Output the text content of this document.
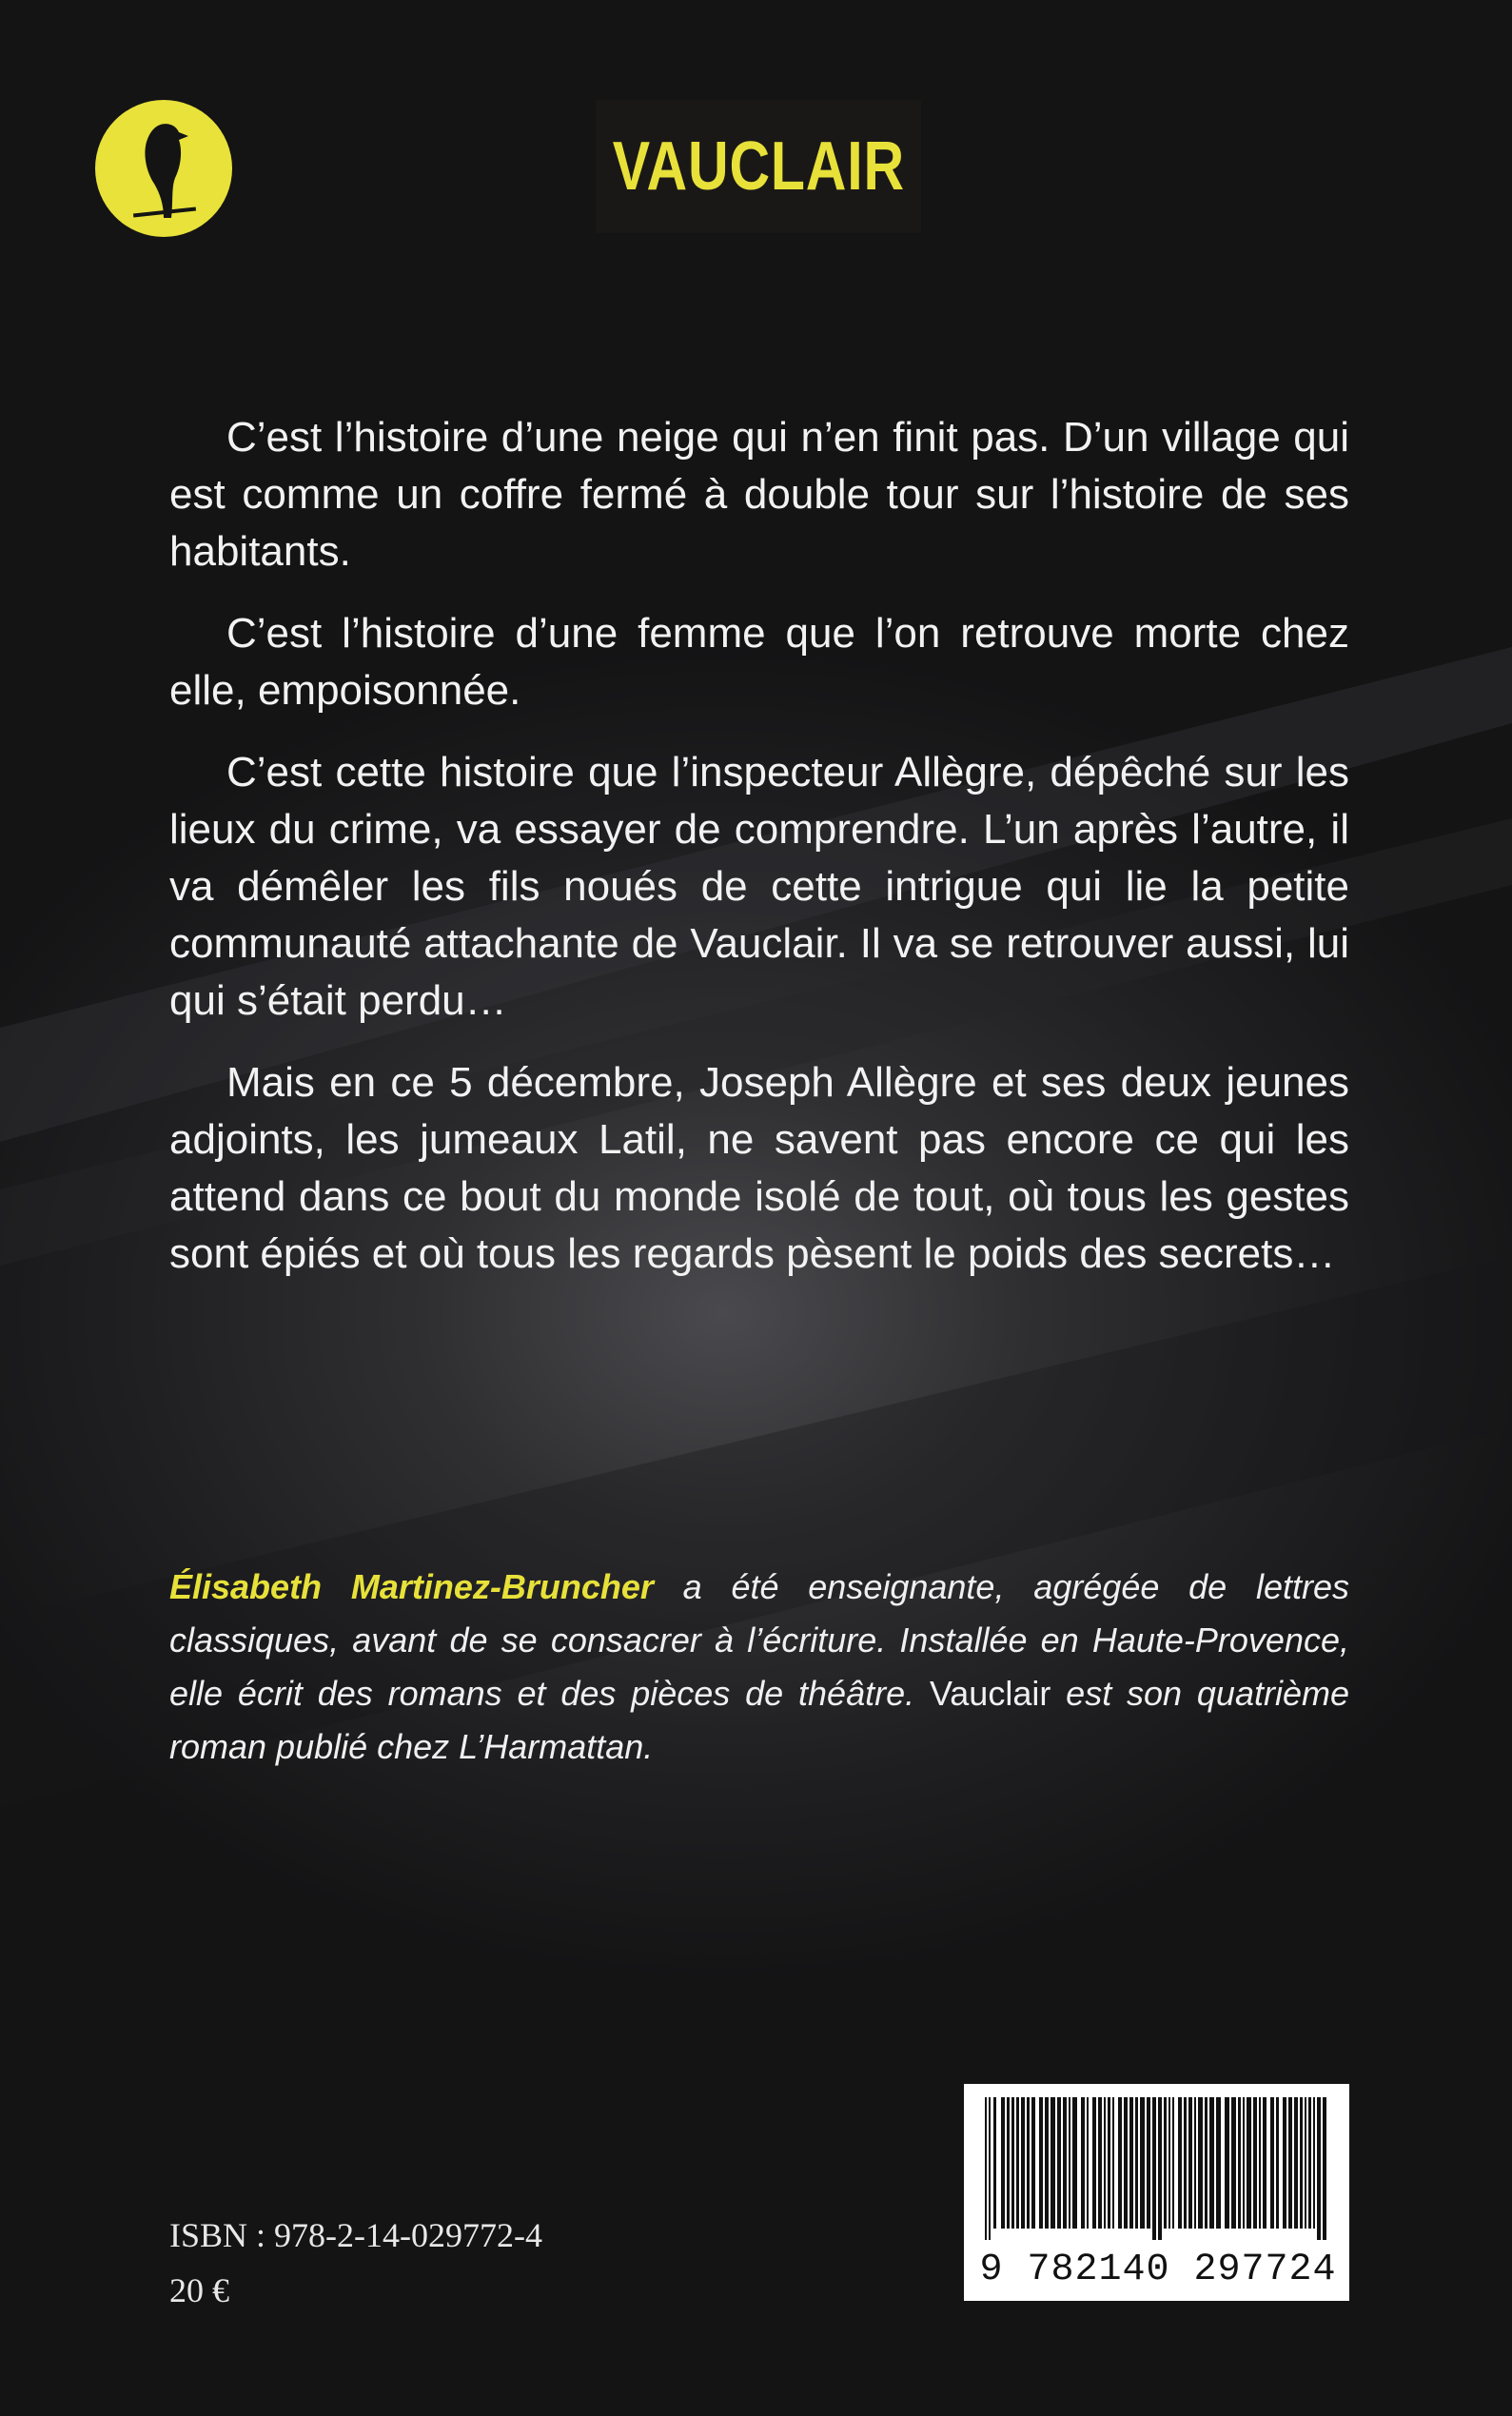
VAUCLAIR

C’est l’histoire d’une neige qui n’en finit pas. D’un village qui est comme un coffre fermé à double tour sur l’histoire de ses habitants.

C’est l’histoire d’une femme que l’on retrouve morte chez elle, empoisonnée.

C’est cette histoire que l’inspecteur Allègre, dépêché sur les lieux du crime, va essayer de comprendre. L’un après l’autre, il va démêler les fils noués de cette intrigue qui lie la petite communauté attachante de Vauclair. Il va se retrouver aussi, lui qui s’était perdu…

Mais en ce 5 décembre, Joseph Allègre et ses deux jeunes adjoints, les jumeaux Latil, ne savent pas encore ce qui les attend dans ce bout du monde isolé de tout, où tous les gestes sont épiés et où tous les regards pèsent le poids des secrets…

Élisabeth Martinez-Bruncher a été enseignante, agrégée de lettres classiques, avant de se consacrer à l’écriture. Installée en Haute-Provence, elle écrit des romans et des pièces de théâtre. Vauclair est son quatrième roman publié chez L’Harmattan.
ISBN : 978-2-14-029772-4
20 €	9 782140 297724
